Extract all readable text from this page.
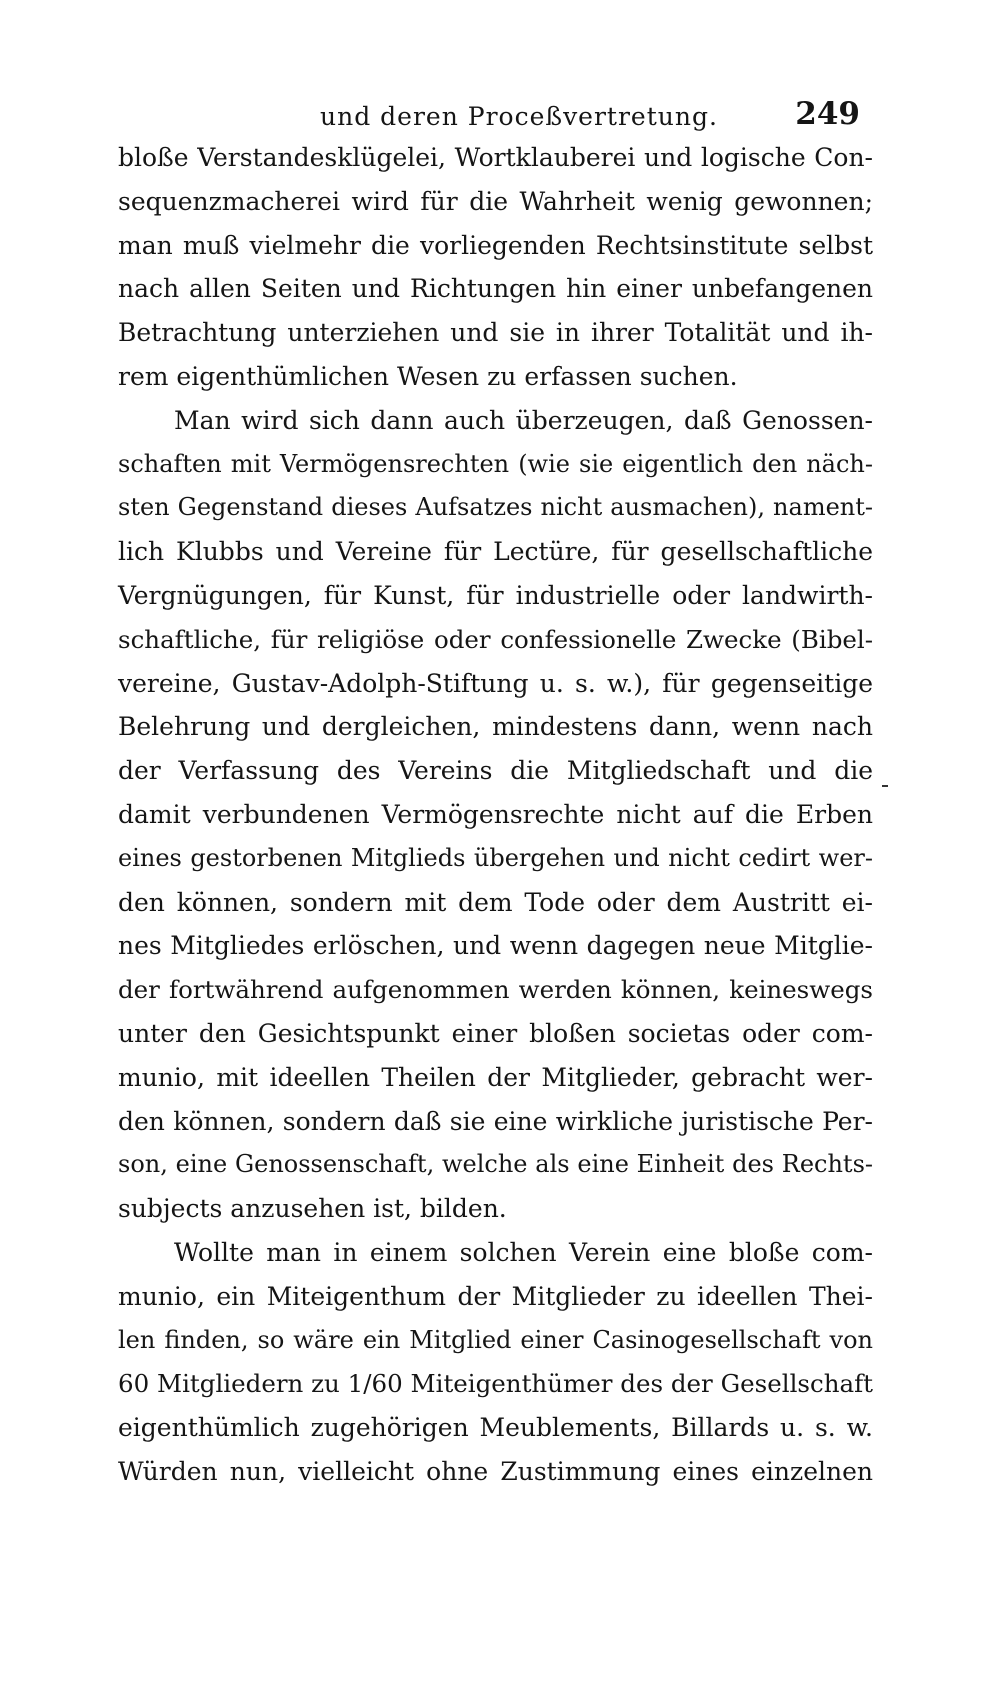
und deren Proceßvertretung. 249
bloße Verstandesklügelei, Wortklauberei und logische Con-
sequenzmacherei wird für die Wahrheit wenig gewonnen;
man muß vielmehr die vorliegenden Rechtsinstitute selbst
nach allen Seiten und Richtungen hin einer unbefangenen
Betrachtung unterziehen und sie in ihrer Totalität und ih-
rem eigenthümlichen Wesen zu erfassen suchen.
Man wird sich dann auch überzeugen, daß Genossen-
schaften mit Vermögensrechten (wie sie eigentlich den näch-
sten Gegenstand dieses Aufsatzes nicht ausmachen), nament-
lich Klubbs und Vereine für Lectüre, für gesellschaftliche
Vergnügungen, für Kunst, für industrielle oder landwirth-
schaftliche, für religiöse oder confessionelle Zwecke (Bibel-
vereine, Gustav-Adolph-Stiftung u. s. w.), für gegenseitige
Belehrung und dergleichen, mindestens dann, wenn nach
der Verfassung des Vereins die Mitgliedschaft und die
damit verbundenen Vermögensrechte nicht auf die Erben
eines gestorbenen Mitglieds übergehen und nicht cedirt wer-
den können, sondern mit dem Tode oder dem Austritt ei-
nes Mitgliedes erlöschen, und wenn dagegen neue Mitglie-
der fortwährend aufgenommen werden können, keineswegs
unter den Gesichtspunkt einer bloßen societas oder com-
munio, mit ideellen Theilen der Mitglieder, gebracht wer-
den können, sondern daß sie eine wirkliche juristische Per-
son, eine Genossenschaft, welche als eine Einheit des Rechts-
subjects anzusehen ist, bilden.
Wollte man in einem solchen Verein eine bloße com-
munio, ein Miteigenthum der Mitglieder zu ideellen Thei-
len finden, so wäre ein Mitglied einer Casinogesellschaft von
60 Mitgliedern zu 1/60 Miteigenthümer des der Gesellschaft
eigenthümlich zugehörigen Meublements, Billards u. s. w.
Würden nun, vielleicht ohne Zustimmung eines einzelnen
